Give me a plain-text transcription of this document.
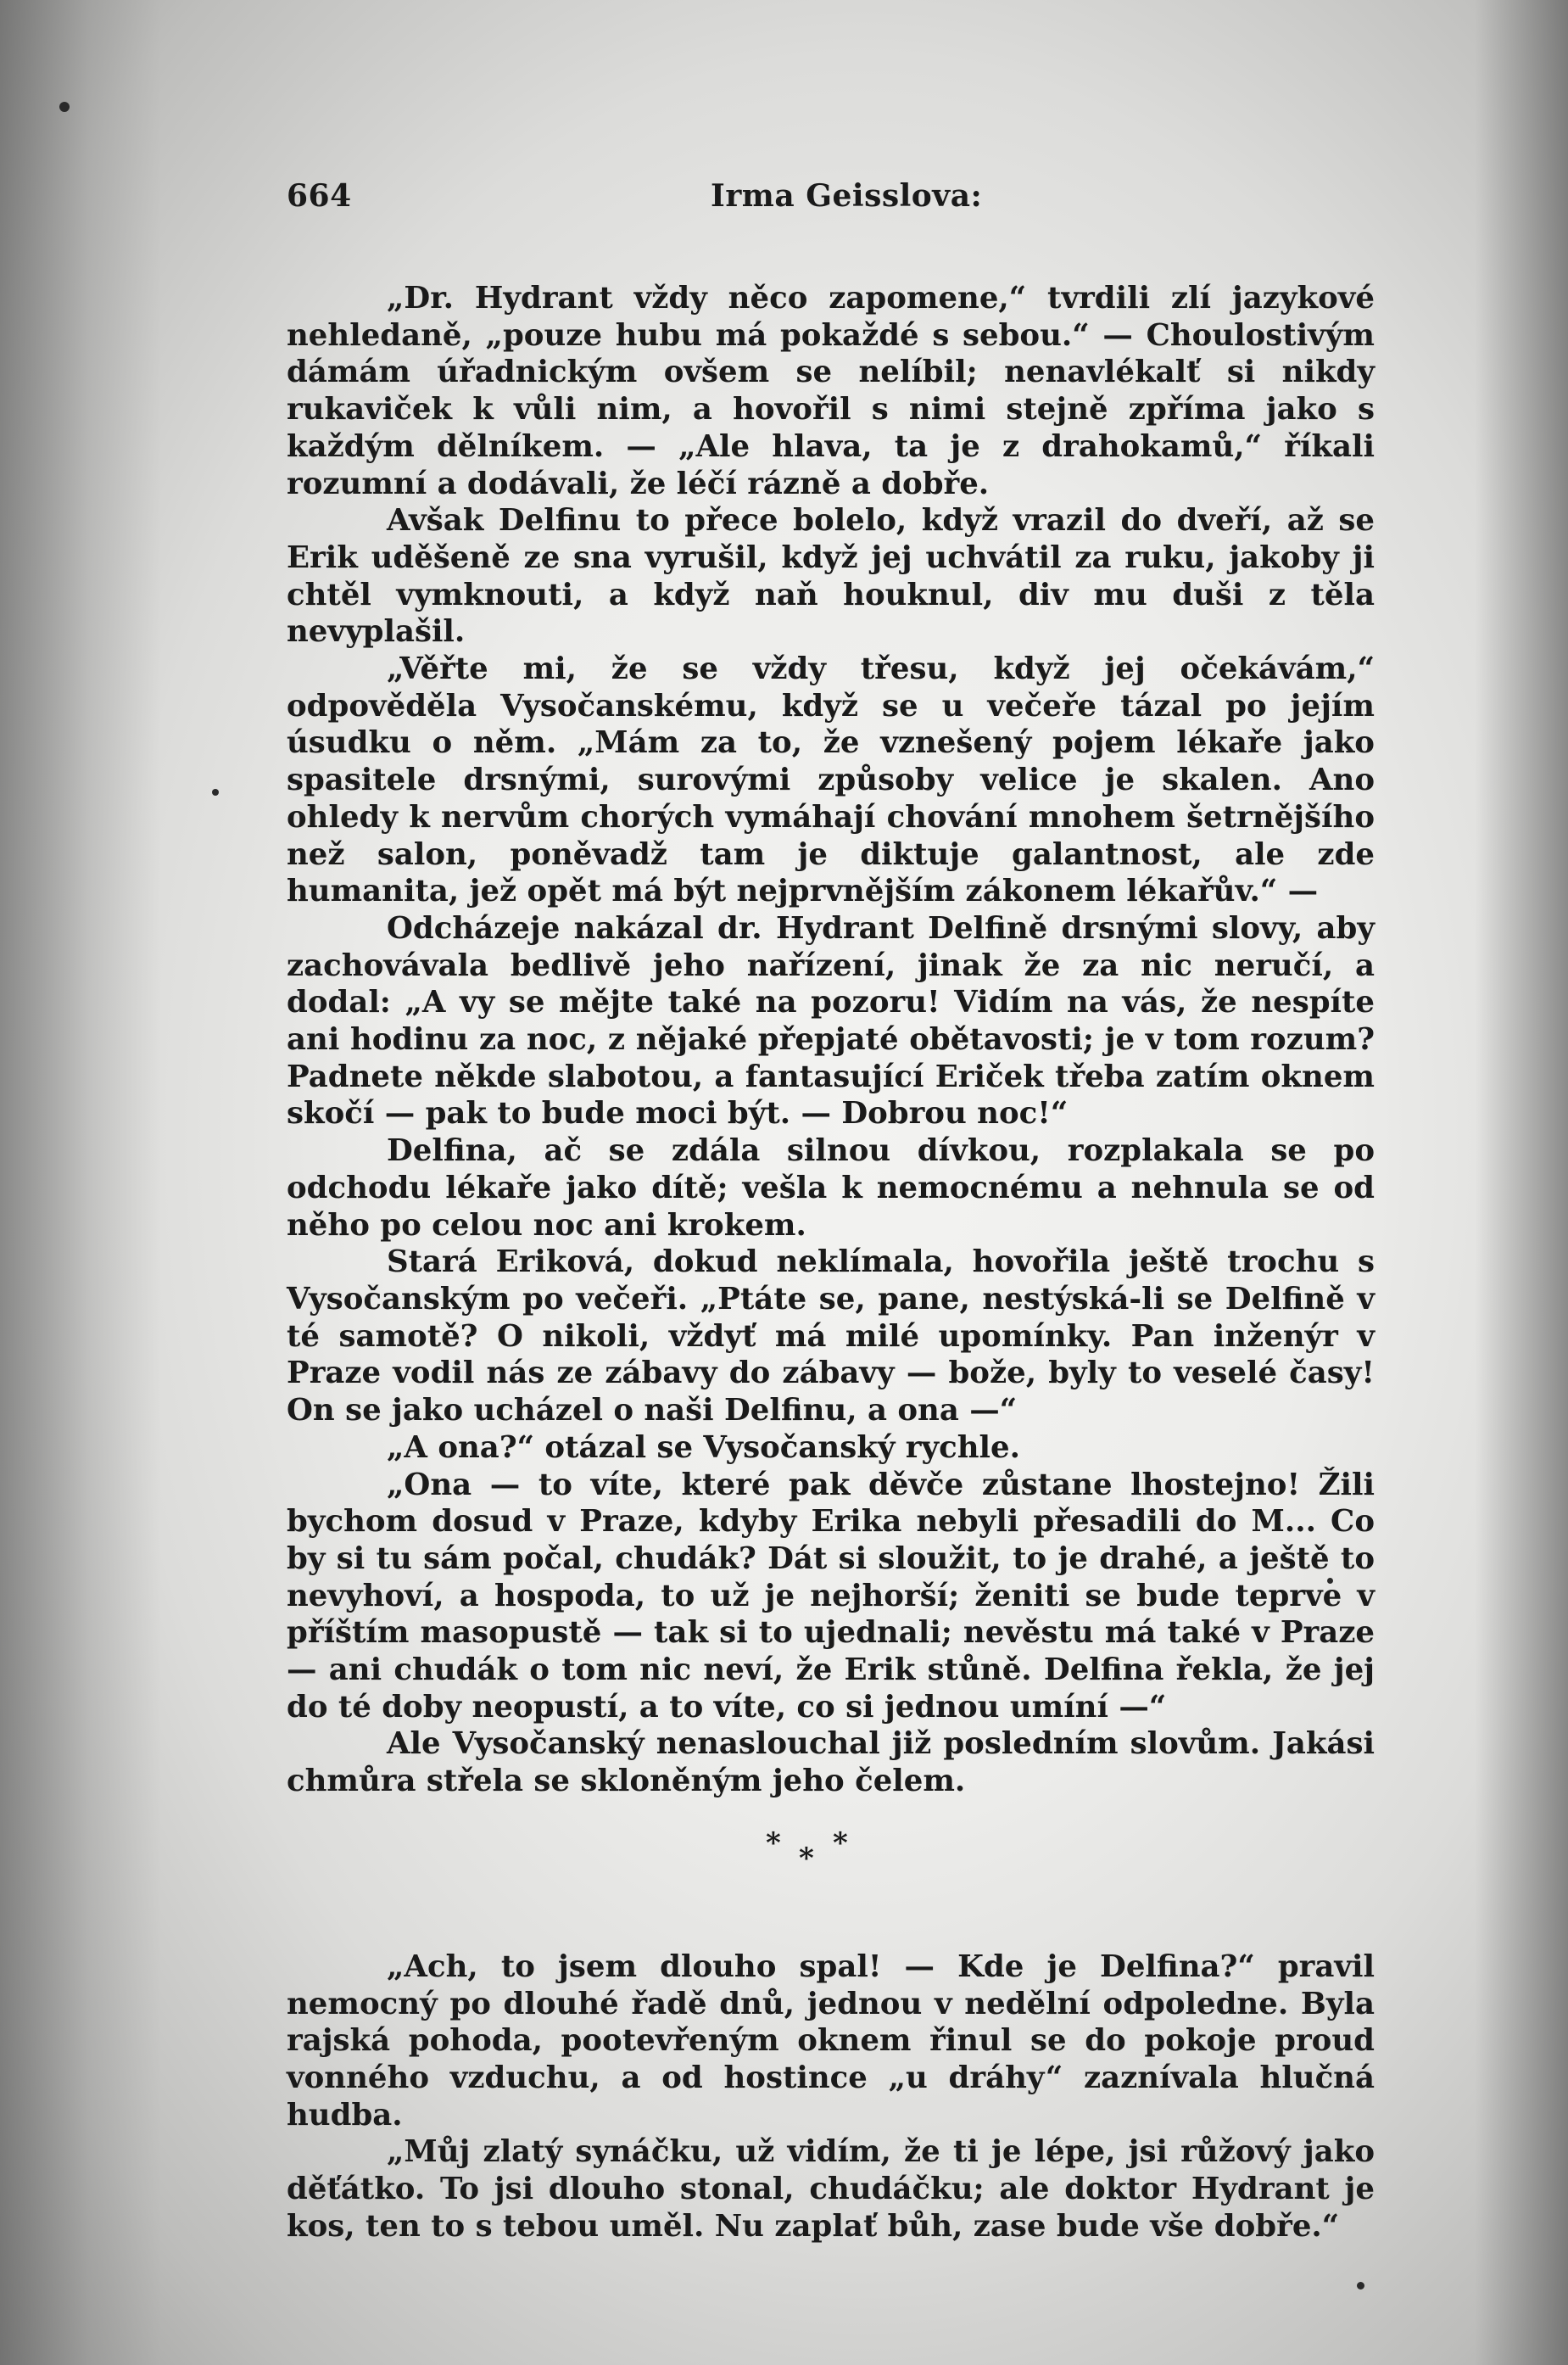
664	Irma Geisslova:

„Dr. Hydrant vždy něco zapomene,“ tvrdili zlí jazykové nehledaně, „pouze hubu má pokaždé s sebou.“ — Choulostivým dámám úřadnickým ovšem se nelíbil; nenavlékalť si nikdy rukaviček k vůli nim, a hovořil s nimi stejně zpříma jako s každým dělníkem. — „Ale hlava, ta je z drahokamů,“ říkali rozumní a dodávali, že léčí rázně a dobře.

Avšak Delfinu to přece bolelo, když vrazil do dveří, až se Erik uděšeně ze sna vyrušil, když jej uchvátil za ruku, jakoby ji chtěl vymknouti, a když naň houknul, div mu duši z těla nevyplašil.

„Věřte mi, že se vždy třesu, když jej očekávám,“ odpověděla Vysočanskému, když se u večeře tázal po jejím úsudku o něm. „Mám za to, že vznešený pojem lékaře jako spasitele drsnými, surovými způsoby velice je skalen. Ano ohledy k nervům chorých vymáhají chování mnohem šetrnějšího než salon, poněvadž tam je diktuje galantnost, ale zde humanita, jež opět má být nejprvnějším zákonem lékařův.“ —

Odcházeje nakázal dr. Hydrant Delfině drsnými slovy, aby zachovávala bedlivě jeho nařízení, jinak že za nic neručí, a dodal: „A vy se mějte také na pozoru! Vidím na vás, že nespíte ani hodinu za noc, z nějaké přepjaté obětavosti; je v tom rozum? Padnete někde slabotou, a fantasující Eriček třeba zatím oknem skočí — pak to bude moci být. — Dobrou noc!“

Delfina, ač se zdála silnou dívkou, rozplakala se po odchodu lékaře jako dítě; vešla k nemocnému a nehnula se od něho po celou noc ani krokem.

Stará Eriková, dokud neklímala, hovořila ještě trochu s Vysočanským po večeři. „Ptáte se, pane, nestýská-li se Delfině v té samotě? O nikoli, vždyť má milé upomínky. Pan inženýr v Praze vodil nás ze zábavy do zábavy — bože, byly to veselé časy! On se jako ucházel o naši Delfinu, a ona —“

„A ona?“ otázal se Vysočanský rychle.

„Ona — to víte, které pak děvče zůstane lhostejno! Žili bychom dosud v Praze, kdyby Erika nebyli přesadili do M... Co by si tu sám počal, chudák? Dát si sloužit, to je drahé, a ještě to nevyhoví, a hospoda, to už je nejhorší; ženiti se bude teprve v příštím masopustě — tak si to ujednali; nevěstu má také v Praze — ani chudák o tom nic neví, že Erik stůně. Delfina řekla, že jej do té doby neopustí, a to víte, co si jednou umíní —“

Ale Vysočanský nenaslouchal již posledním slovům. Jakási chmůra střela se skloněným jeho čelem.

* * *

„Ach, to jsem dlouho spal! — Kde je Delfina?“ pravil nemocný po dlouhé řadě dnů, jednou v nedělní odpoledne. Byla rajská pohoda, pootevřeným oknem řinul se do pokoje proud vonného vzduchu, a od hostince „u dráhy“ zaznívala hlučná hudba.

„Můj zlatý synáčku, už vidím, že ti je lépe, jsi růžový jako děťátko. To jsi dlouho stonal, chudáčku; ale doktor Hydrant je kos, ten to s tebou uměl. Nu zaplať bůh, zase bude vše dobře.“
